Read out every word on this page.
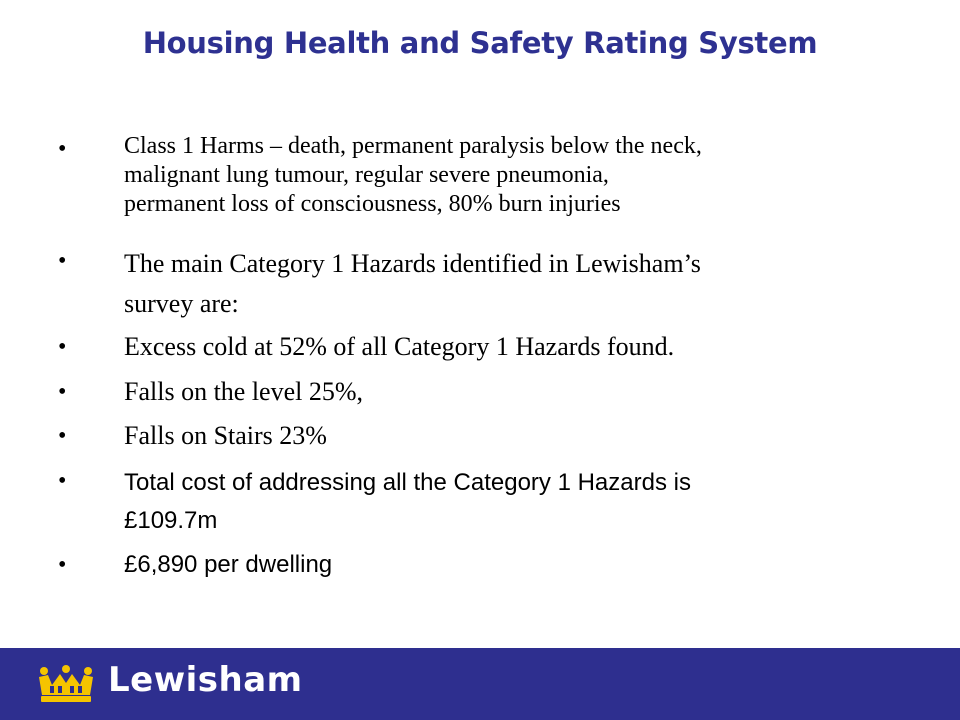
Housing Health and Safety Rating System
• Class 1 Harms – death, permanent paralysis below the neck,
malignant lung tumour, regular severe pneumonia,
permanent loss of consciousness, 80% burn injuries
• The main Category 1 Hazards identified in Lewisham’s
survey are:
• Excess cold at 52% of all Category 1 Hazards found.
• Falls on the level 25%,
• Falls on Stairs 23%
• Total cost of addressing all the Category 1 Hazards is
£109.7m
• £6,890 per dwelling
Lewisham
